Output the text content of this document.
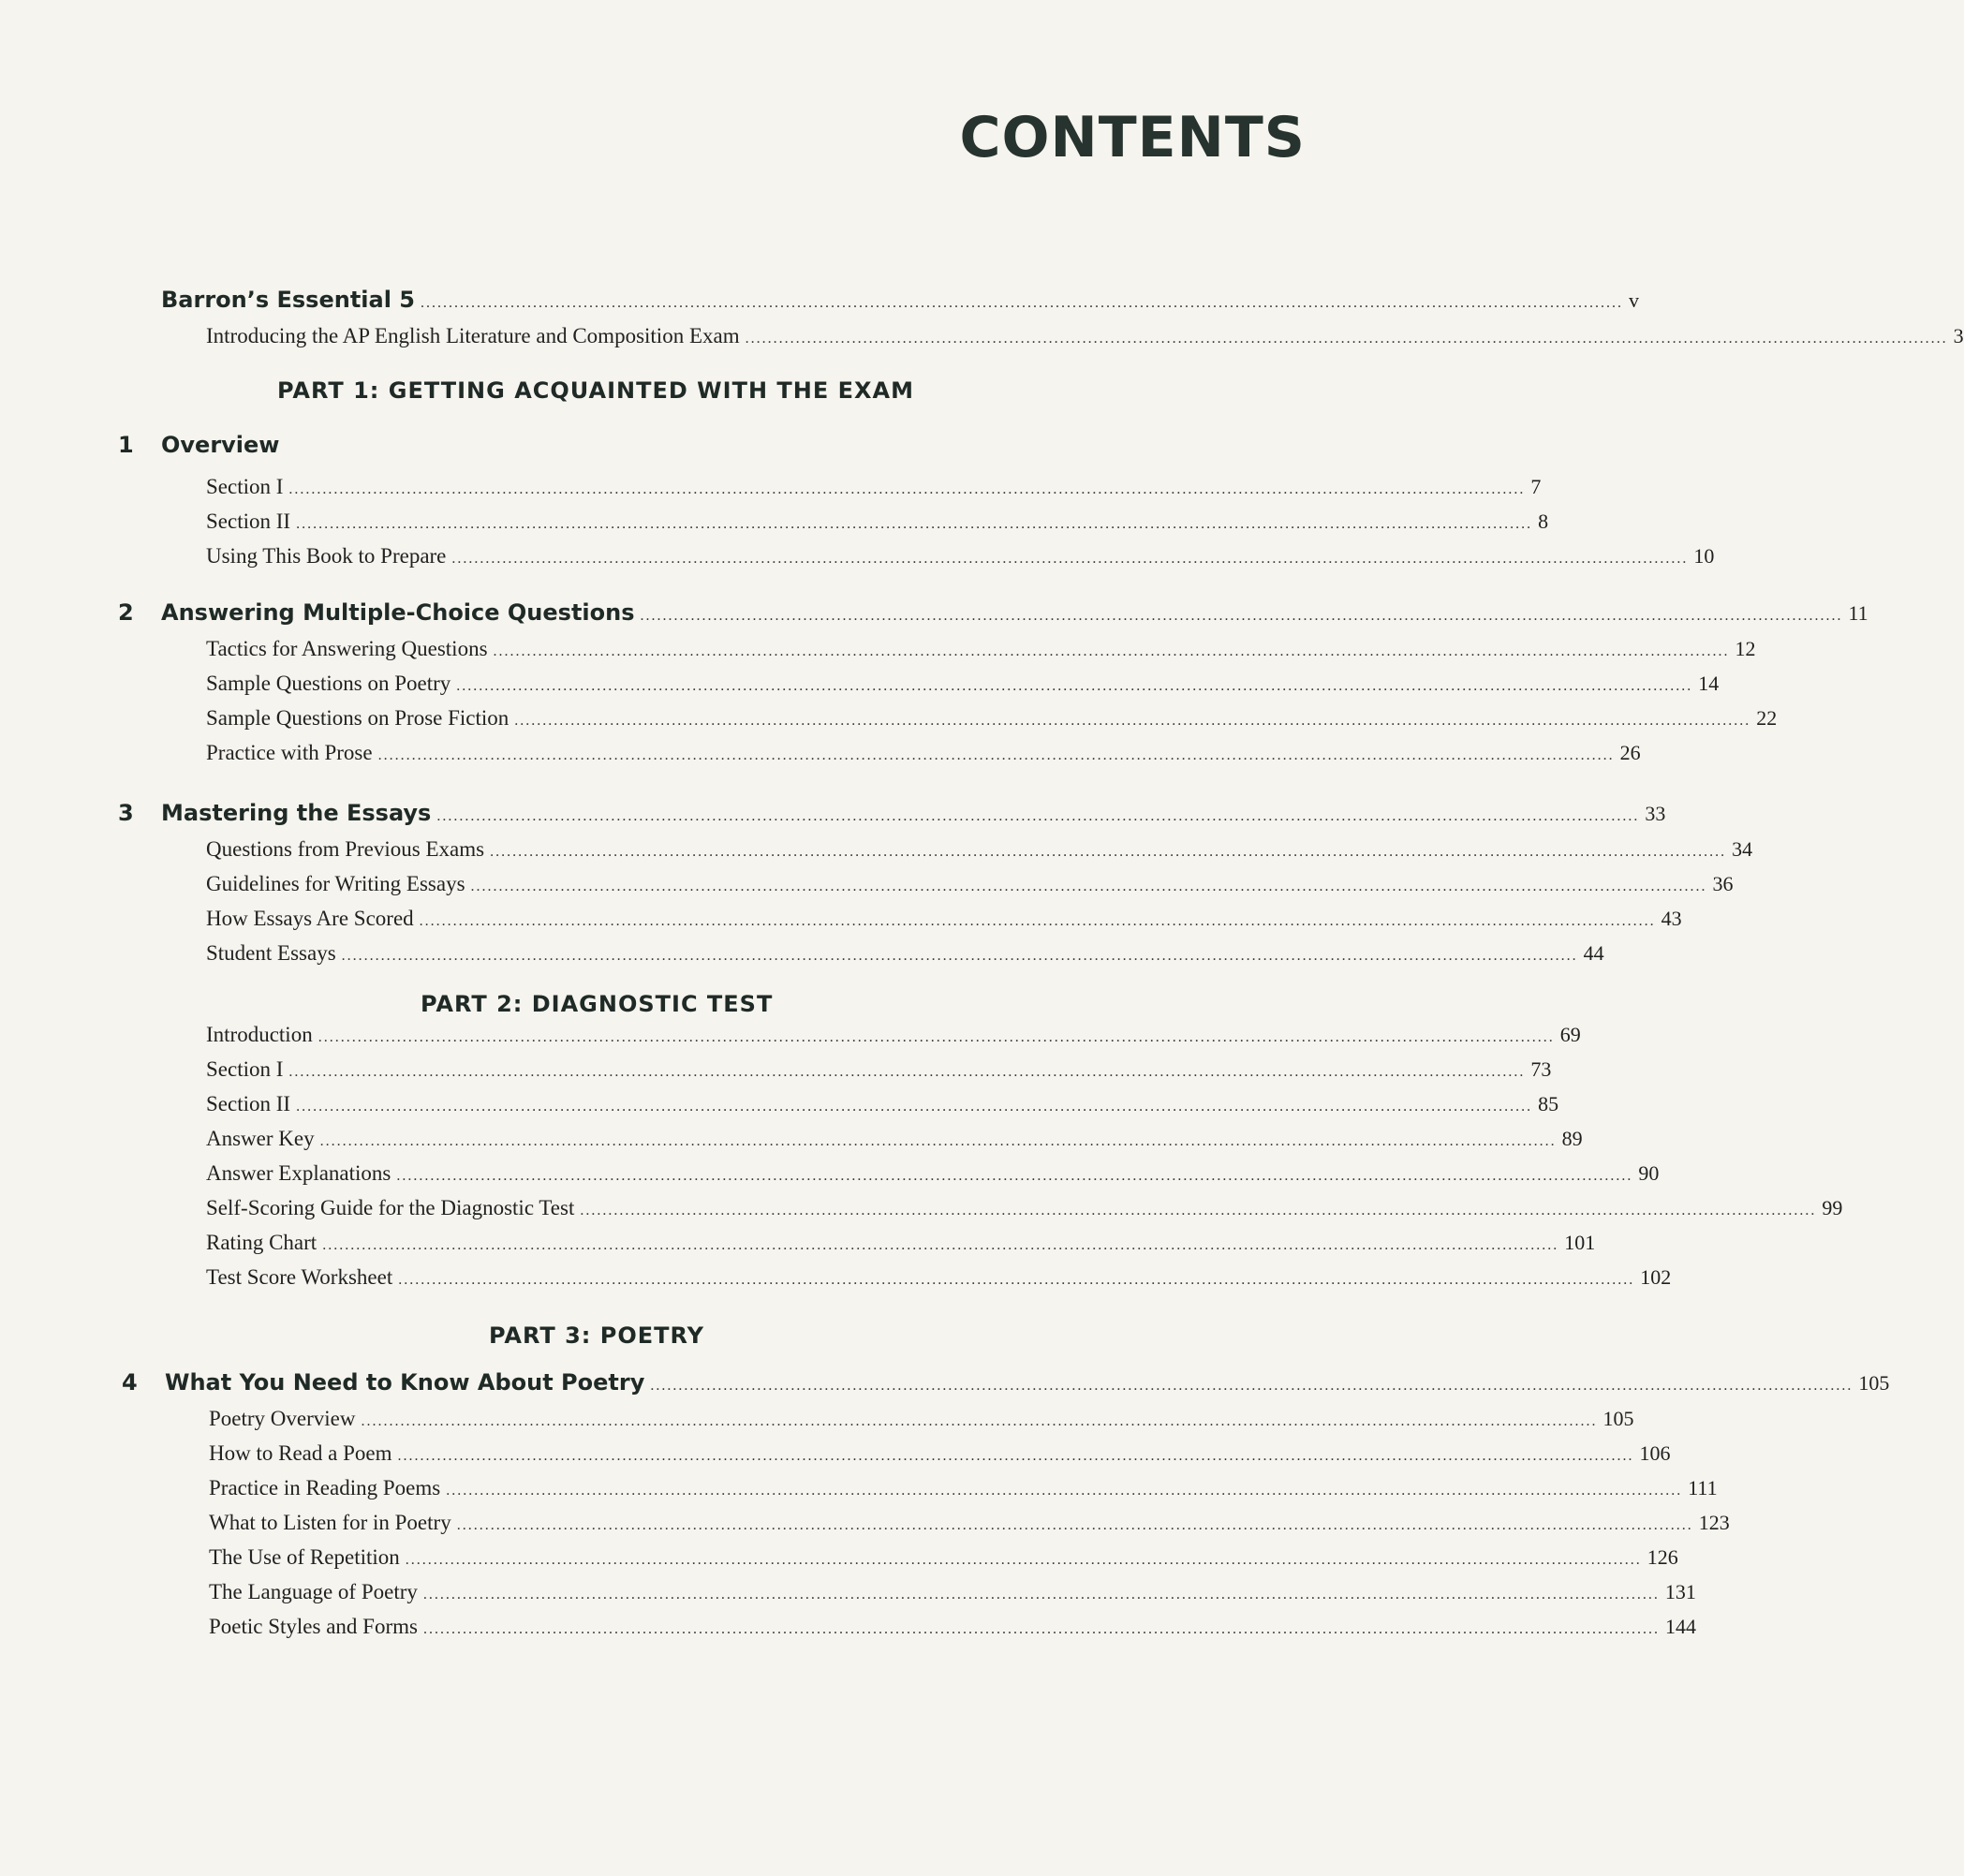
CONTENTS
Barron’s Essential 5 ...................................................................................................................................................................................................................... v
Introducing the AP English Literature and Composition Exam ...................................................................................................................................................................................................................... 3
PART 1: GETTING ACQUAINTED WITH THE EXAM
1 Overview
Section I ............................................................................................................................................................................................................................ 7
Section II ............................................................................................................................................................................................................................ 8
Using This Book to Prepare ............................................................................................................................................................................................................................ 10
2 Answering Multiple-Choice Questions ...................................................................................................................................................................................................................... 11
Tactics for Answering Questions ............................................................................................................................................................................................................................ 12
Sample Questions on Poetry ............................................................................................................................................................................................................................ 14
Sample Questions on Prose Fiction ............................................................................................................................................................................................................................ 22
Practice with Prose ............................................................................................................................................................................................................................ 26
3 Mastering the Essays ...................................................................................................................................................................................................................... 33
Questions from Previous Exams ............................................................................................................................................................................................................................ 34
Guidelines for Writing Essays ............................................................................................................................................................................................................................ 36
How Essays Are Scored ............................................................................................................................................................................................................................ 43
Student Essays ............................................................................................................................................................................................................................ 44
PART 2: DIAGNOSTIC TEST
Introduction ............................................................................................................................................................................................................................ 69
Section I ............................................................................................................................................................................................................................ 73
Section II ............................................................................................................................................................................................................................ 85
Answer Key ............................................................................................................................................................................................................................ 89
Answer Explanations ............................................................................................................................................................................................................................ 90
Self-Scoring Guide for the Diagnostic Test ............................................................................................................................................................................................................................ 99
Rating Chart ............................................................................................................................................................................................................................ 101
Test Score Worksheet ............................................................................................................................................................................................................................ 102
PART 3: POETRY
4 What You Need to Know About Poetry ...................................................................................................................................................................................................................... 105
Poetry Overview ............................................................................................................................................................................................................................ 105
How to Read a Poem ............................................................................................................................................................................................................................ 106
Practice in Reading Poems ............................................................................................................................................................................................................................ 111
What to Listen for in Poetry ............................................................................................................................................................................................................................ 123
The Use of Repetition ............................................................................................................................................................................................................................ 126
The Language of Poetry ............................................................................................................................................................................................................................ 131
Poetic Styles and Forms ............................................................................................................................................................................................................................ 144
